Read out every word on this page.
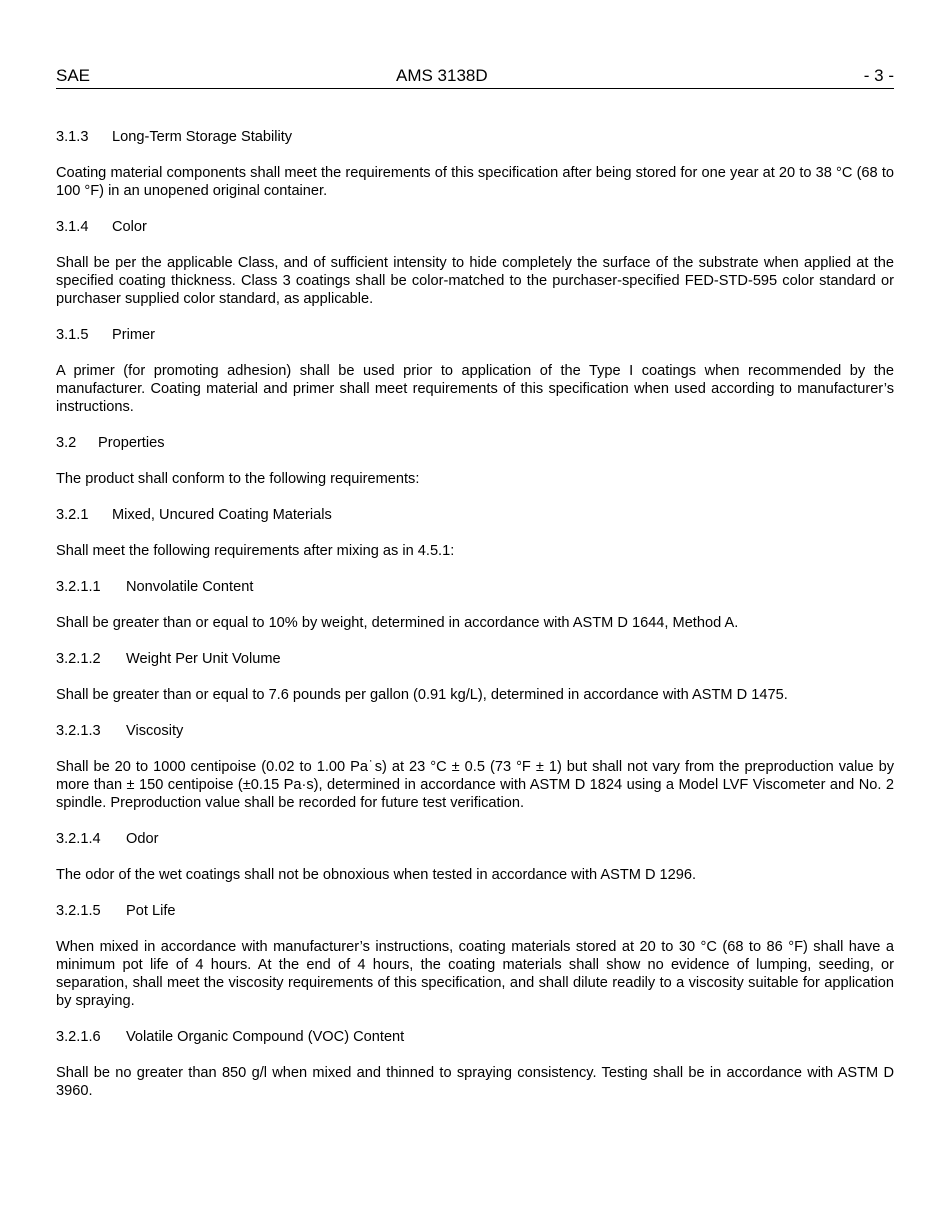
SAE	AMS 3138D	- 3 -
3.1.3 Long-Term Storage Stability

Coating material components shall meet the requirements of this specification after being stored for one year at 20 to 38 °C (68 to 100 °F) in an unopened original container.

3.1.4 Color

Shall be per the applicable Class, and of sufficient intensity to hide completely the surface of the substrate when applied at the specified coating thickness. Class 3 coatings shall be color-matched to the purchaser-specified FED-STD-595 color standard or purchaser supplied color standard, as applicable.

3.1.5 Primer

A primer (for promoting adhesion) shall be used prior to application of the Type I coatings when recommended by the manufacturer. Coating material and primer shall meet requirements of this specification when used according to manufacturer’s instructions.

3.2 Properties

The product shall conform to the following requirements:

3.2.1 Mixed, Uncured Coating Materials

Shall meet the following requirements after mixing as in 4.5.1:

3.2.1.1 Nonvolatile Content

Shall be greater than or equal to 10% by weight, determined in accordance with ASTM D 1644, Method A.

3.2.1.2 Weight Per Unit Volume

Shall be greater than or equal to 7.6 pounds per gallon (0.91 kg/L), determined in accordance with ASTM D 1475.

3.2.1.3 Viscosity

Shall be 20 to 1000 centipoise (0.02 to 1.00 Pa˙s) at 23 °C ± 0.5 (73 °F ± 1) but shall not vary from the preproduction value by more than ± 150 centipoise (±0.15 Pa·s), determined in accordance with ASTM D 1824 using a Model LVF Viscometer and No. 2 spindle. Preproduction value shall be recorded for future test verification.

3.2.1.4 Odor

The odor of the wet coatings shall not be obnoxious when tested in accordance with ASTM D 1296.

3.2.1.5 Pot Life

When mixed in accordance with manufacturer’s instructions, coating materials stored at 20 to 30 °C (68 to 86 °F) shall have a minimum pot life of 4 hours. At the end of 4 hours, the coating materials shall show no evidence of lumping, seeding, or separation, shall meet the viscosity requirements of this specification, and shall dilute readily to a viscosity suitable for application by spraying.

3.2.1.6 Volatile Organic Compound (VOC) Content

Shall be no greater than 850 g/l when mixed and thinned to spraying consistency. Testing shall be in accordance with ASTM D 3960.
